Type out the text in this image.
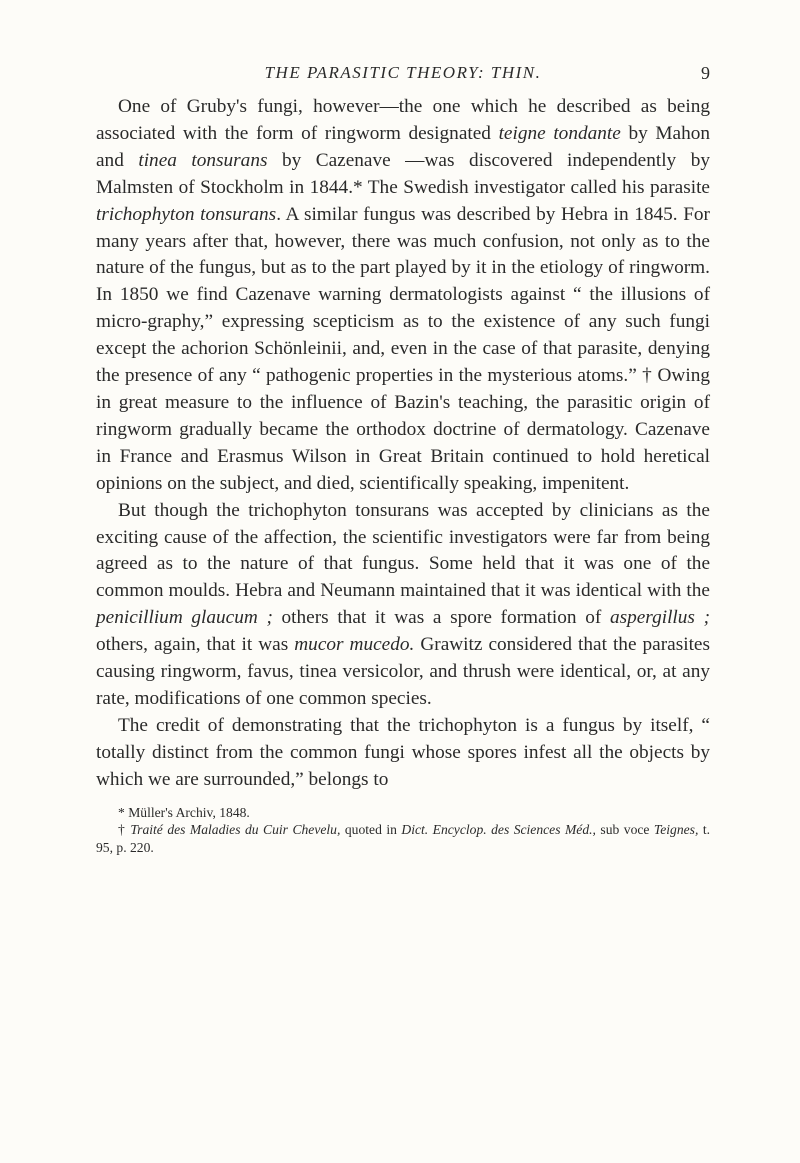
THE PARASITIC THEORY: THIN.	9

One of Gruby's fungi, however—the one which he described as being associated with the form of ringworm designated teigne tondante by Mahon and tinea tonsurans by Cazenave —was discovered independently by Malmsten of Stockholm in 1844.* The Swedish investigator called his parasite trichophyton tonsurans. A similar fungus was described by Hebra in 1845. For many years after that, however, there was much confusion, not only as to the nature of the fungus, but as to the part played by it in the etiology of ringworm. In 1850 we find Cazenave warning dermatologists against “ the illusions of micro-graphy,” expressing scepticism as to the existence of any such fungi except the achorion Schönleinii, and, even in the case of that parasite, denying the presence of any “ pathogenic properties in the mysterious atoms.” † Owing in great measure to the influence of Bazin's teaching, the parasitic origin of ringworm gradually became the orthodox doctrine of dermatology. Cazenave in France and Erasmus Wilson in Great Britain continued to hold heretical opinions on the subject, and died, scientifically speaking, impenitent.

But though the trichophyton tonsurans was accepted by clinicians as the exciting cause of the affection, the scientific investigators were far from being agreed as to the nature of that fungus. Some held that it was one of the common moulds. Hebra and Neumann maintained that it was identical with the penicillium glaucum ; others that it was a spore formation of aspergillus ; others, again, that it was mucor mucedo. Grawitz considered that the parasites causing ringworm, favus, tinea versicolor, and thrush were identical, or, at any rate, modifications of one common species.

The credit of demonstrating that the trichophyton is a fungus by itself, “ totally distinct from the common fungi whose spores infest all the objects by which we are surrounded,” belongs to

* Müller's Archiv, 1848.

† Traité des Maladies du Cuir Chevelu, quoted in Dict. Encyclop. des Sciences Méd., sub voce Teignes, t. 95, p. 220.
